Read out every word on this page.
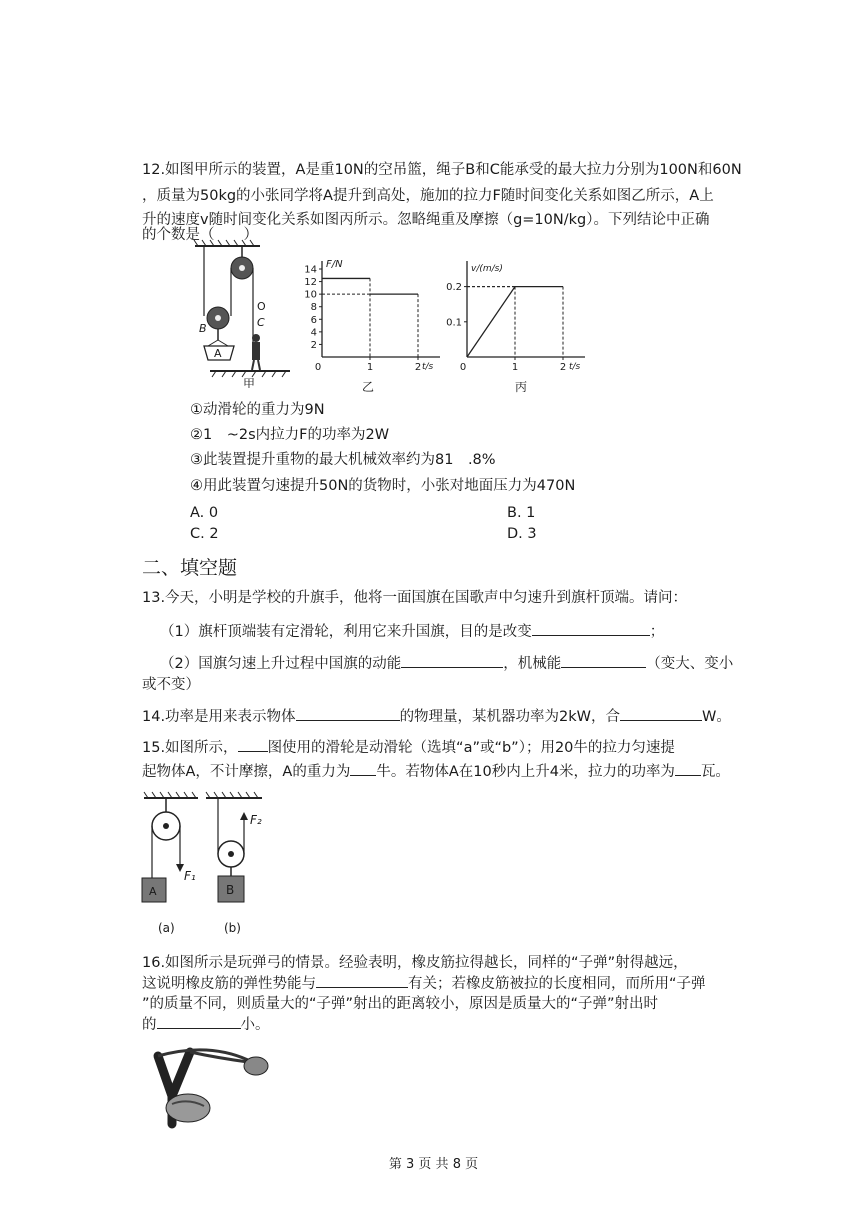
12.如图甲所示的装置，A是重10N的空吊篮，绳子B和C能承受的最大拉力分别为100N和60N
，质量为50kg的小张同学将A提升到高处，施加的拉力F随时间变化关系如图乙所示，A上
升的速度v随时间变化关系如图丙所示。忽略绳重及摩擦（g=10N/kg）。下列结论中正确
的个数是（　　）
A
B
O
C
甲
F/N
t/s
2
4
6
8
10
12
14
0	1	2
乙
v/(m/s)
t/s
0.1
0.2
0	1	2
丙
①动滑轮的重力为9N
②1　~2s内拉力F的功率为2W
③此装置提升重物的最大机械效率约为81　.8%
④用此装置匀速提升50N的货物时，小张对地面压力为470N
A. 0	B. 1
C. 2	D. 3
二、填空题
13.今天，小明是学校的升旗手，他将一面国旗在国歌声中匀速升到旗杆顶端。请问：
（1）旗杆顶端装有定滑轮，利用它来升国旗，目的是改变	；
（2）国旗匀速上升过程中国旗的动能	，机械能	（变大、变小
或不变）
14.功率是用来表示物体	的物理量，某机器功率为2kW，合	W。
15.如图所示， 图使用的滑轮是动滑轮（选填“a”或“b”）；用20牛的拉力匀速提
起物体A，不计摩擦，A的重力为 牛。若物体A在10秒内上升4米，拉力的功率为 瓦。
F₁
A
F₂
B
(a)	(b)
16.如图所示是玩弹弓的情景。经验表明，橡皮筋拉得越长，同样的“子弹”射得越远，
这说明橡皮筋的弹性势能与	有关；若橡皮筋被拉的长度相同，而所用“子弹
”的质量不同，则质量大的“子弹”射出的距离较小，原因是质量大的“子弹”射出时
的	小。
第 3 页 共 8 页
